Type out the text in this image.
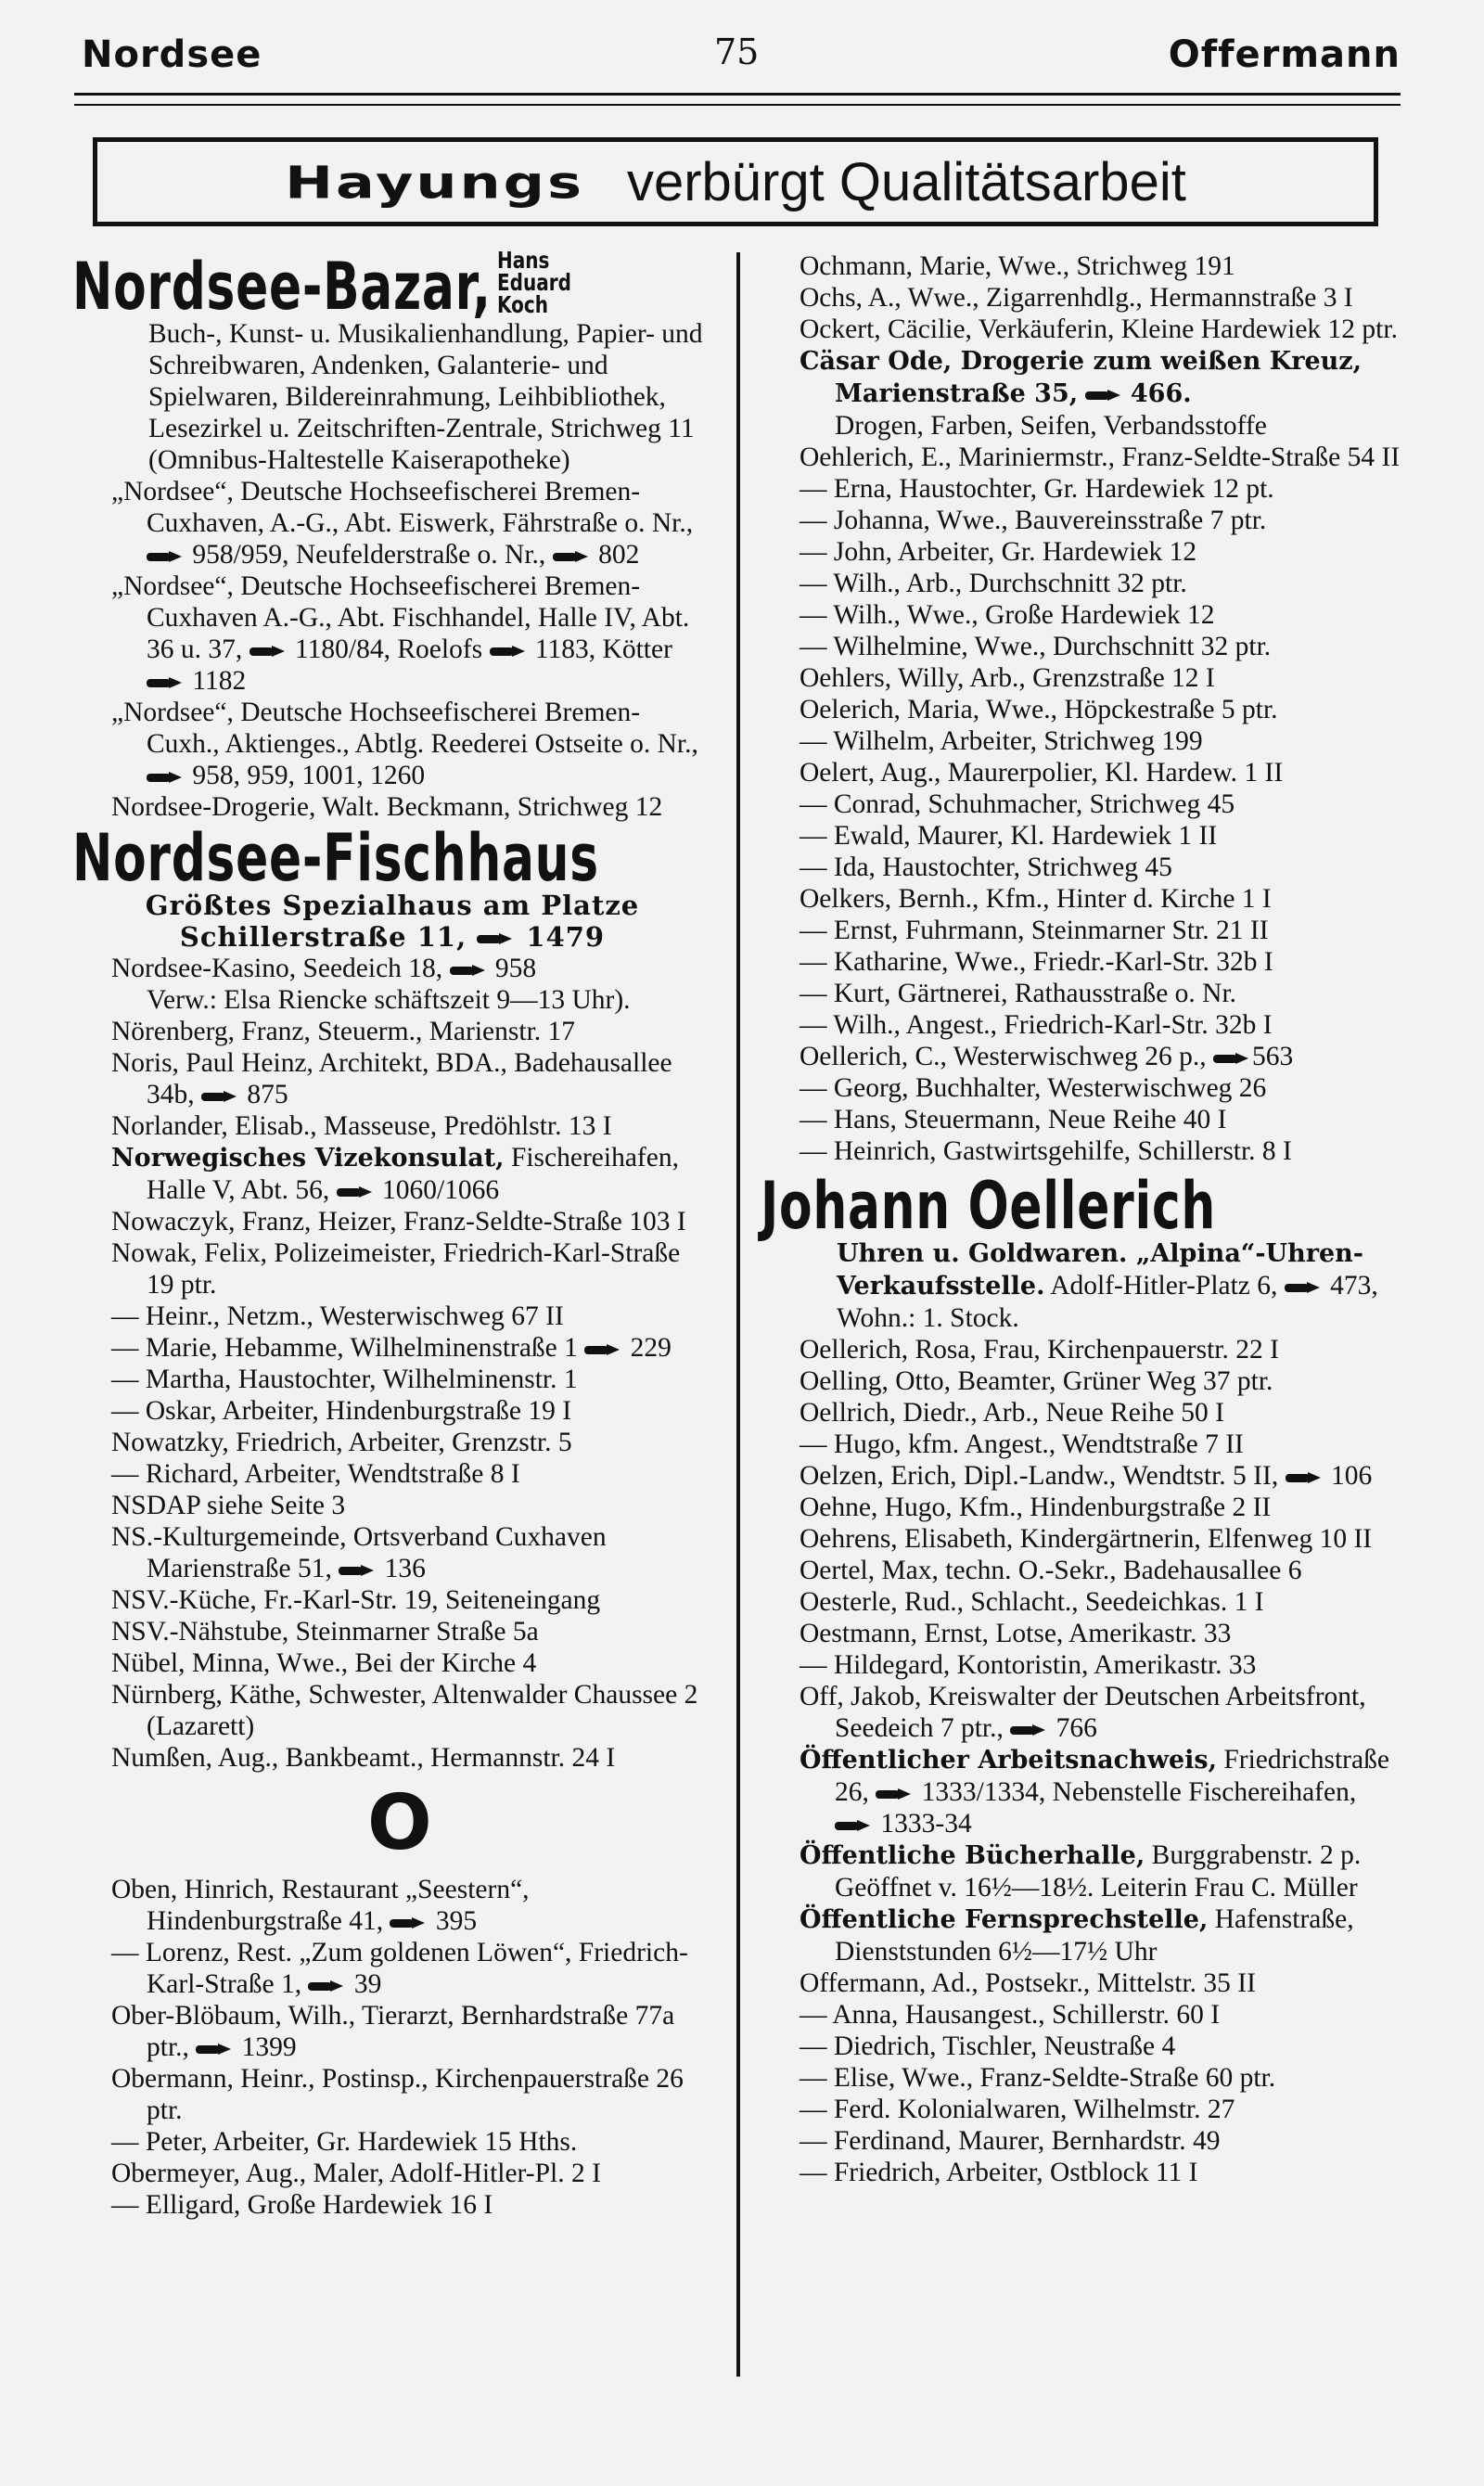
Nordsee	75	Offermann
Hayungs verbürgt Qualitätsarbeit
Nordsee-Bazar, Hans Eduard Koch

Buch-, Kunst- u. Musikalienhandlung, Papier- und Schreibwaren, Andenken, Galanterie- und Spielwaren, Bildereinrahmung, Leihbibliothek, Lesezirkel u. Zeitschriften-Zentrale, Strichweg 11 (Omnibus-Haltestelle Kaiserapotheke)

„Nordsee“, Deutsche Hochseefischerei Bremen-Cuxhaven, A.-G., Abt. Eiswerk, Fährstraße o. Nr.,  958/959, Neufelderstraße o. Nr., 802

„Nordsee“, Deutsche Hochseefischerei Bremen-Cuxhaven A.-G., Abt. Fischhandel, Halle IV, Abt. 36 u. 37, 1180/84, Roelofs 1183, Kötter  1182

„Nordsee“, Deutsche Hochseefischerei Bremen-Cuxh., Aktienges., Abtlg. Reederei Ostseite o. Nr.,  958, 959, 1001, 1260

Nordsee-Drogerie, Walt. Beckmann, Strichweg 12

Nordsee-Fischhaus

Größtes Spezialhaus am Platze

Schillerstraße 11, 1479

Nordsee-Kasino, Seedeich 18, 958

Verw.: Elsa Riencke schäftszeit 9—13 Uhr).

Nörenberg, Franz, Steuerm., Marienstr. 17

Noris, Paul Heinz, Architekt, BDA., Badehausallee 34b, 875

Norlander, Elisab., Masseuse, Predöhlstr. 13 I

Norwegisches Vizekonsulat, Fischereihafen, Halle V, Abt. 56, 1060/1066

Nowaczyk, Franz, Heizer, Franz-Seldte-Straße 103 I

Nowak, Felix, Polizeimeister, Friedrich-Karl-Straße 19 ptr.

— Heinr., Netzm., Westerwischweg 67 II

— Marie, Hebamme, Wilhelminenstraße 1 229

— Martha, Haustochter, Wilhelminenstr. 1

— Oskar, Arbeiter, Hindenburgstraße 19 I

Nowatzky, Friedrich, Arbeiter, Grenzstr. 5

— Richard, Arbeiter, Wendtstraße 8 I

NSDAP siehe Seite 3

NS.-Kulturgemeinde, Ortsverband Cuxhaven Marienstraße 51, 136

NSV.-Küche, Fr.-Karl-Str. 19, Seiteneingang

NSV.-Nähstube, Steinmarner Straße 5a

Nübel, Minna, Wwe., Bei der Kirche 4

Nürnberg, Käthe, Schwester, Altenwalder Chaussee 2 (Lazarett)

Numßen, Aug., Bankbeamt., Hermannstr. 24 I

O

Oben, Hinrich, Restaurant „Seestern“, Hindenburgstraße 41, 395

— Lorenz, Rest. „Zum goldenen Löwen“, Friedrich-Karl-Straße 1, 39

Ober-Blöbaum, Wilh., Tierarzt, Bernhardstraße 77a ptr., 1399

Obermann, Heinr., Postinsp., Kirchenpauerstraße 26 ptr.

— Peter, Arbeiter, Gr. Hardewiek 15 Hths.

Obermeyer, Aug., Maler, Adolf-Hitler-Pl. 2 I

— Elligard, Große Hardewiek 16 I

Ochmann, Marie, Wwe., Strichweg 191

Ochs, A., Wwe., Zigarrenhdlg., Hermannstraße 3 I

Ockert, Cäcilie, Verkäuferin, Kleine Hardewiek 12 ptr.

Cäsar Ode, Drogerie zum weißen Kreuz, Marienstraße 35, 466.

Drogen, Farben, Seifen, Verbandsstoffe

Oehlerich, E., Mariniermstr., Franz-Seldte-Straße 54 II

— Erna, Haustochter, Gr. Hardewiek 12 pt.

— Johanna, Wwe., Bauvereinsstraße 7 ptr.

— John, Arbeiter, Gr. Hardewiek 12

— Wilh., Arb., Durchschnitt 32 ptr.

— Wilh., Wwe., Große Hardewiek 12

— Wilhelmine, Wwe., Durchschnitt 32 ptr.

Oehlers, Willy, Arb., Grenzstraße 12 I

Oelerich, Maria, Wwe., Höpckestraße 5 ptr.

— Wilhelm, Arbeiter, Strichweg 199

Oelert, Aug., Maurerpolier, Kl. Hardew. 1 II

— Conrad, Schuhmacher, Strichweg 45

— Ewald, Maurer, Kl. Hardewiek 1 II

— Ida, Haustochter, Strichweg 45

Oelkers, Bernh., Kfm., Hinter d. Kirche 1 I

— Ernst, Fuhrmann, Steinmarner Str. 21 II

— Katharine, Wwe., Friedr.-Karl-Str. 32b I

— Kurt, Gärtnerei, Rathausstraße o. Nr.

— Wilh., Angest., Friedrich-Karl-Str. 32b I

Oellerich, C., Westerwischweg 26 p., 563

— Georg, Buchhalter, Westerwischweg 26

— Hans, Steuermann, Neue Reihe 40 I

— Heinrich, Gastwirtsgehilfe, Schillerstr. 8 I

Johann Oellerich

Uhren u. Goldwaren. „Alpina“-Uhren-Verkaufsstelle. Adolf-Hitler-Platz 6, 473, Wohn.: 1. Stock.

Oellerich, Rosa, Frau, Kirchenpauerstr. 22 I

Oelling, Otto, Beamter, Grüner Weg 37 ptr.

Oellrich, Diedr., Arb., Neue Reihe 50 I

— Hugo, kfm. Angest., Wendtstraße 7 II

Oelzen, Erich, Dipl.-Landw., Wendtstr. 5 II, 106

Oehne, Hugo, Kfm., Hindenburgstraße 2 II

Oehrens, Elisabeth, Kindergärtnerin, Elfenweg 10 II

Oertel, Max, techn. O.-Sekr., Badehausallee 6

Oesterle, Rud., Schlacht., Seedeichkas. 1 I

Oestmann, Ernst, Lotse, Amerikastr. 33

— Hildegard, Kontoristin, Amerikastr. 33

Off, Jakob, Kreiswalter der Deutschen Arbeitsfront, Seedeich 7 ptr., 766

Öffentlicher Arbeitsnachweis, Friedrichstraße 26, 1333/1334, Nebenstelle Fischereihafen,  1333-34

Öffentliche Bücherhalle, Burggrabenstr. 2 p. Geöffnet v. 16½—18½. Leiterin Frau C. Müller

Öffentliche Fernsprechstelle, Hafenstraße, Dienststunden 6½—17½ Uhr

Offermann, Ad., Postsekr., Mittelstr. 35 II

— Anna, Hausangest., Schillerstr. 60 I

— Diedrich, Tischler, Neustraße 4

— Elise, Wwe., Franz-Seldte-Straße 60 ptr.

— Ferd. Kolonialwaren, Wilhelmstr. 27

— Ferdinand, Maurer, Bernhardstr. 49

— Friedrich, Arbeiter, Ostblock 11 I
